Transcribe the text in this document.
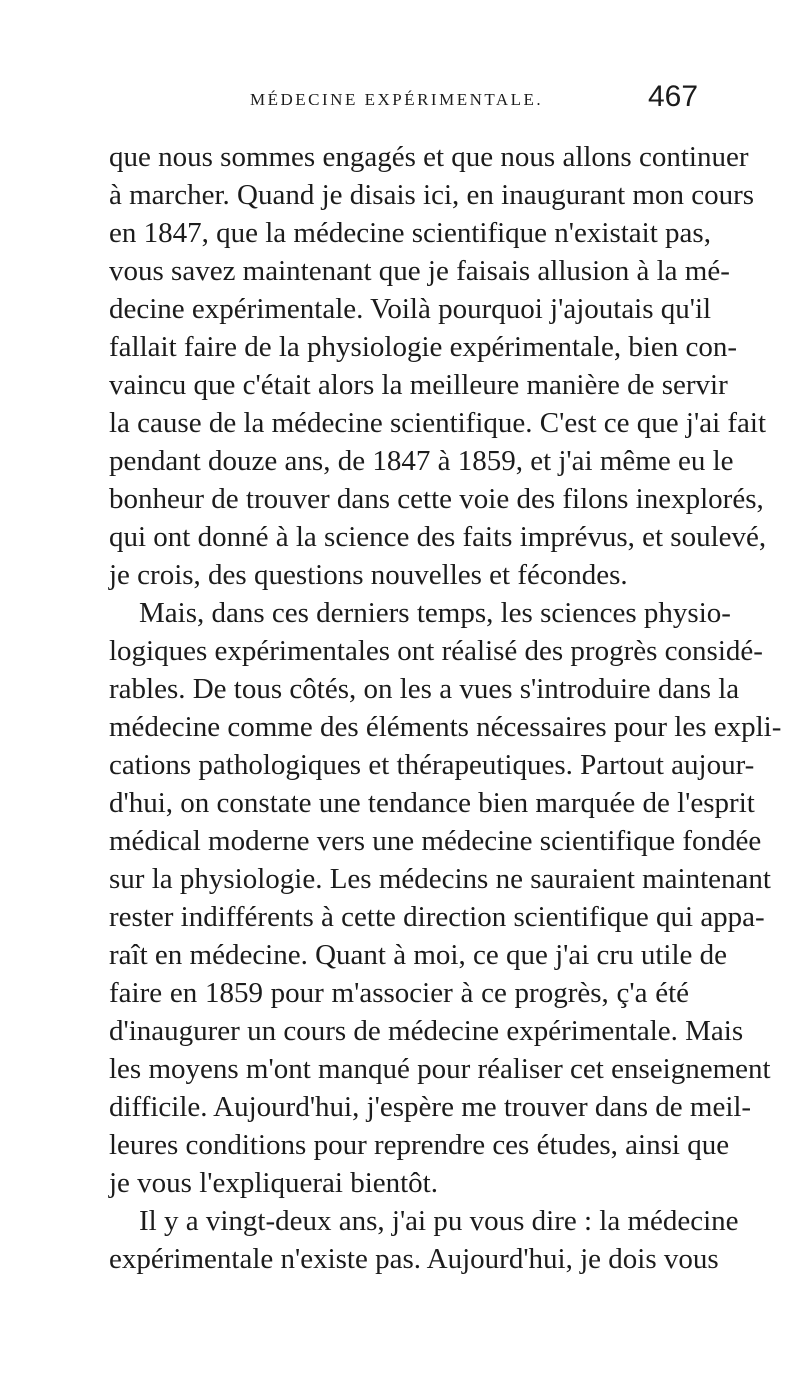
MÉDECINE EXPÉRIMENTALE.	467
que nous sommes engagés et que nous allons continuer
à marcher. Quand je disais ici, en inaugurant mon cours
en 1847, que la médecine scientifique n'existait pas,
vous savez maintenant que je faisais allusion à la mé-
decine expérimentale. Voilà pourquoi j'ajoutais qu'il
fallait faire de la physiologie expérimentale, bien con-
vaincu que c'était alors la meilleure manière de servir
la cause de la médecine scientifique. C'est ce que j'ai fait
pendant douze ans, de 1847 à 1859, et j'ai même eu le
bonheur de trouver dans cette voie des filons inexplorés,
qui ont donné à la science des faits imprévus, et soulevé,
je crois, des questions nouvelles et fécondes.
Mais, dans ces derniers temps, les sciences physio-
logiques expérimentales ont réalisé des progrès considé-
rables. De tous côtés, on les a vues s'introduire dans la
médecine comme des éléments nécessaires pour les expli-
cations pathologiques et thérapeutiques. Partout aujour-
d'hui, on constate une tendance bien marquée de l'esprit
médical moderne vers une médecine scientifique fondée
sur la physiologie. Les médecins ne sauraient maintenant
rester indifférents à cette direction scientifique qui appa-
raît en médecine. Quant à moi, ce que j'ai cru utile de
faire en 1859 pour m'associer à ce progrès, ç'a été
d'inaugurer un cours de médecine expérimentale. Mais
les moyens m'ont manqué pour réaliser cet enseignement
difficile. Aujourd'hui, j'espère me trouver dans de meil-
leures conditions pour reprendre ces études, ainsi que
je vous l'expliquerai bientôt.
Il y a vingt-deux ans, j'ai pu vous dire : la médecine
expérimentale n'existe pas. Aujourd'hui, je dois vous
